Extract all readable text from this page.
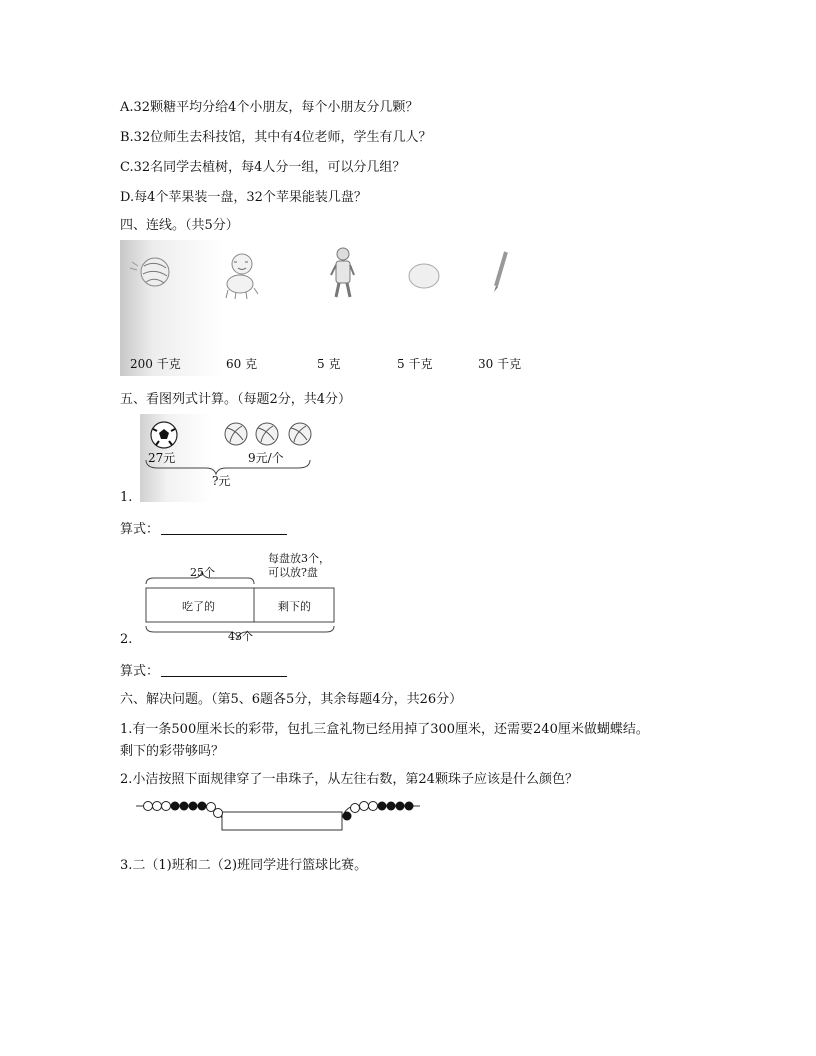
A.32颗糖平均分给4个小朋友，每个小朋友分几颗？
B.32位师生去科技馆，其中有4位老师，学生有几人？
C.32名同学去植树，每4人分一组，可以分几组？
D.每4个苹果装一盘，32个苹果能装几盘？
四、连线。（共5分）
200 千克	60 克	5 克	5 千克	30 千克
五、看图列式计算。（每题2分，共4分）
27元	9元/个
?元
1.
算式：
25个
每盘放3个，
可以放?盘
吃了的	剩下的
43个
2.
算式：
六、解决问题。（第5、6题各5分，其余每题4分，共26分）
1.有一条500厘米长的彩带，包扎三盒礼物已经用掉了300厘米，还需要240厘米做蝴蝶结。
剩下的彩带够吗？
2.小洁按照下面规律穿了一串珠子，从左往右数，第24颗珠子应该是什么颜色？
3.二（1)班和二（2)班同学进行篮球比赛。
